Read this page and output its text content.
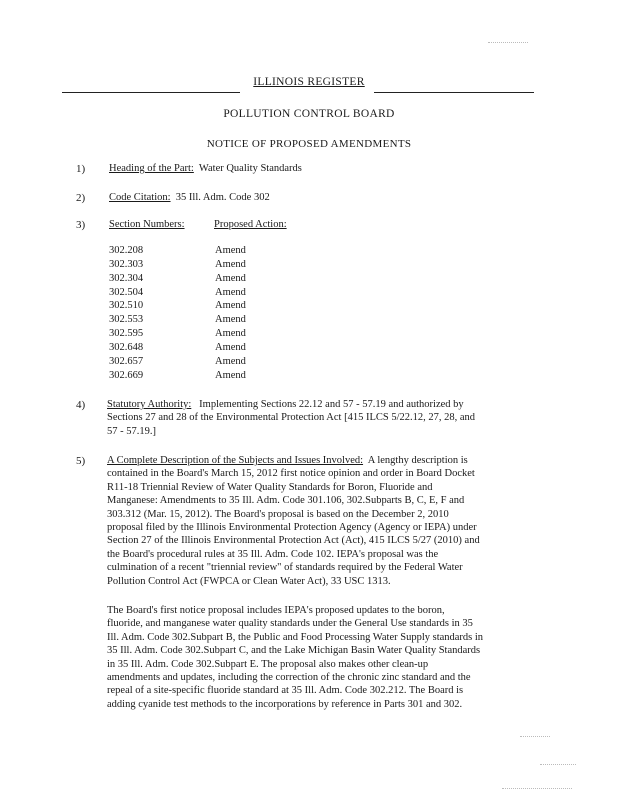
ILLINOIS REGISTER
POLLUTION CONTROL BOARD
NOTICE OF PROPOSED AMENDMENTS
1) Heading of the Part: Water Quality Standards
2) Code Citation: 35 Ill. Adm. Code 302
3) Section Numbers:	Proposed Action:
302.208	Amend
302.303	Amend
302.304	Amend
302.504	Amend
302.510	Amend
302.553	Amend
302.595	Amend
302.648	Amend
302.657	Amend
302.669	Amend
4) Statutory Authority: Implementing Sections 22.12 and 57 - 57.19 and authorized by
Sections 27 and 28 of the Environmental Protection Act [415 ILCS 5/22.12, 27, 28, and
57 - 57.19.]
5) A Complete Description of the Subjects and Issues Involved: A lengthy description is
contained in the Board's March 15, 2012 first notice opinion and order in Board Docket
R11-18 Triennial Review of Water Quality Standards for Boron, Fluoride and
Manganese: Amendments to 35 Ill. Adm. Code 301.106, 302.Subparts B, C, E, F and
303.312 (Mar. 15, 2012). The Board's proposal is based on the December 2, 2010
proposal filed by the Illinois Environmental Protection Agency (Agency or IEPA) under
Section 27 of the Illinois Environmental Protection Act (Act), 415 ILCS 5/27 (2010) and
the Board's procedural rules at 35 Ill. Adm. Code 102. IEPA's proposal was the
culmination of a recent "triennial review" of standards required by the Federal Water
Pollution Control Act (FWPCA or Clean Water Act), 33 USC 1313.
The Board's first notice proposal includes IEPA's proposed updates to the boron,
fluoride, and manganese water quality standards under the General Use standards in 35
Ill. Adm. Code 302.Subpart B, the Public and Food Processing Water Supply standards in
35 Ill. Adm. Code 302.Subpart C, and the Lake Michigan Basin Water Quality Standards
in 35 Ill. Adm. Code 302.Subpart E. The proposal also makes other clean-up
amendments and updates, including the correction of the chronic zinc standard and the
repeal of a site-specific fluoride standard at 35 Ill. Adm. Code 302.212. The Board is
adding cyanide test methods to the incorporations by reference in Parts 301 and 302.
